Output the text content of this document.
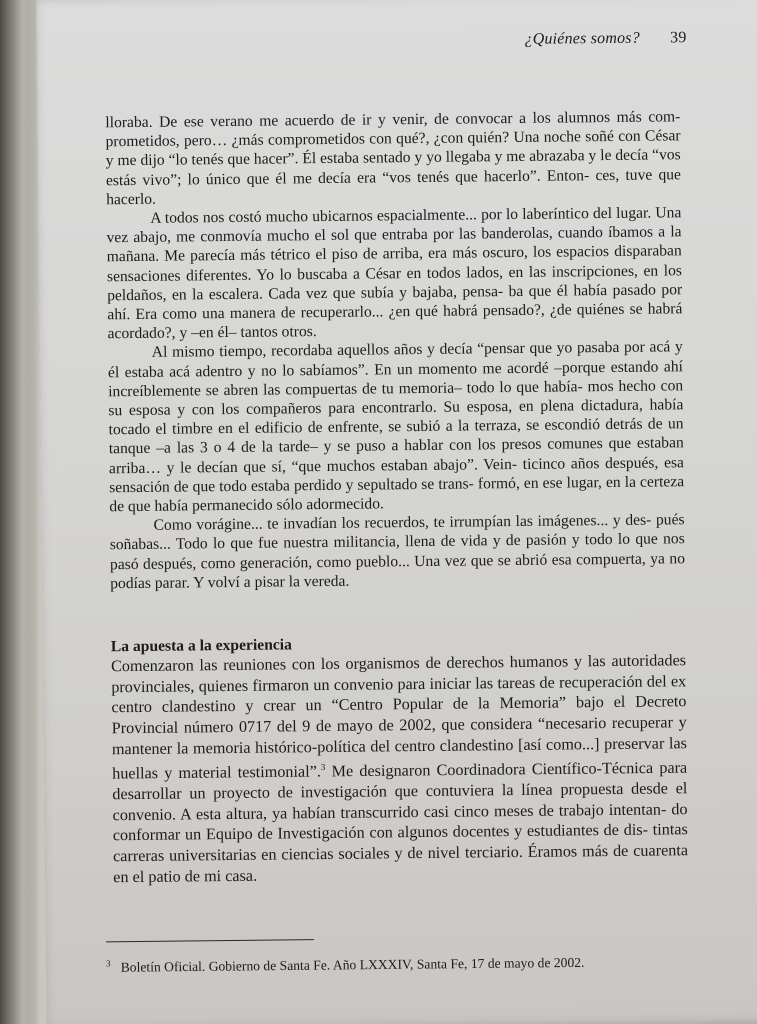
¿Quiénes somos? 39

lloraba. De ese verano me acuerdo de ir y venir, de convocar a los alumnos más com- prometidos, pero… ¿más comprometidos con qué?, ¿con quién? Una noche soñé con César y me dijo “lo tenés que hacer”. Él estaba sentado y yo llegaba y me abrazaba y le decía “vos estás vivo”; lo único que él me decía era “vos tenés que hacerlo”. Enton- ces, tuve que hacerlo.

A todos nos costó mucho ubicarnos espacialmente... por lo laberíntico del lugar. Una vez abajo, me conmovía mucho el sol que entraba por las banderolas, cuando íbamos a la mañana. Me parecía más tétrico el piso de arriba, era más oscuro, los espacios disparaban sensaciones diferentes. Yo lo buscaba a César en todos lados, en las inscripciones, en los peldaños, en la escalera. Cada vez que subía y bajaba, pensa- ba que él había pasado por ahí. Era como una manera de recuperarlo... ¿en qué habrá pensado?, ¿de quiénes se habrá acordado?, y –en él– tantos otros.

Al mismo tiempo, recordaba aquellos años y decía “pensar que yo pasaba por acá y él estaba acá adentro y no lo sabíamos”. En un momento me acordé –porque estando ahí increíblemente se abren las compuertas de tu memoria– todo lo que había- mos hecho con su esposa y con los compañeros para encontrarlo. Su esposa, en plena dictadura, había tocado el timbre en el edificio de enfrente, se subió a la terraza, se escondió detrás de un tanque –a las 3 o 4 de la tarde– y se puso a hablar con los presos comunes que estaban arriba… y le decían que sí, “que muchos estaban abajo”. Vein- ticinco años después, esa sensación de que todo estaba perdido y sepultado se trans- formó, en ese lugar, en la certeza de que había permanecido sólo adormecido.

Como vorágine... te invadían los recuerdos, te irrumpían las imágenes... y des- pués soñabas... Todo lo que fue nuestra militancia, llena de vida y de pasión y todo lo que nos pasó después, como generación, como pueblo... Una vez que se abrió esa compuerta, ya no podías parar. Y volví a pisar la vereda.

La apuesta a la experiencia

Comenzaron las reuniones con los organismos de derechos humanos y las autoridades provinciales, quienes firmaron un convenio para iniciar las tareas de recuperación del ex centro clandestino y crear un “Centro Popular de la Memoria” bajo el Decreto Provincial número 0717 del 9 de mayo de 2002, que considera “necesario recuperar y mantener la memoria histórico-política del centro clandestino [así como...] preservar las huellas y material testimonial”.$^3$ Me designaron Coordinadora Científico-Técnica para desarrollar un proyecto de investigación que contuviera la línea propuesta desde el convenio. A esta altura, ya habían transcurrido casi cinco meses de trabajo intentan- do conformar un Equipo de Investigación con algunos docentes y estudiantes de dis- tintas carreras universitarias en ciencias sociales y de nivel terciario. Éramos más de cuarenta en el patio de mi casa.

$^3$ Boletín Oficial. Gobierno de Santa Fe. Año LXXXIV, Santa Fe, 17 de mayo de 2002.
